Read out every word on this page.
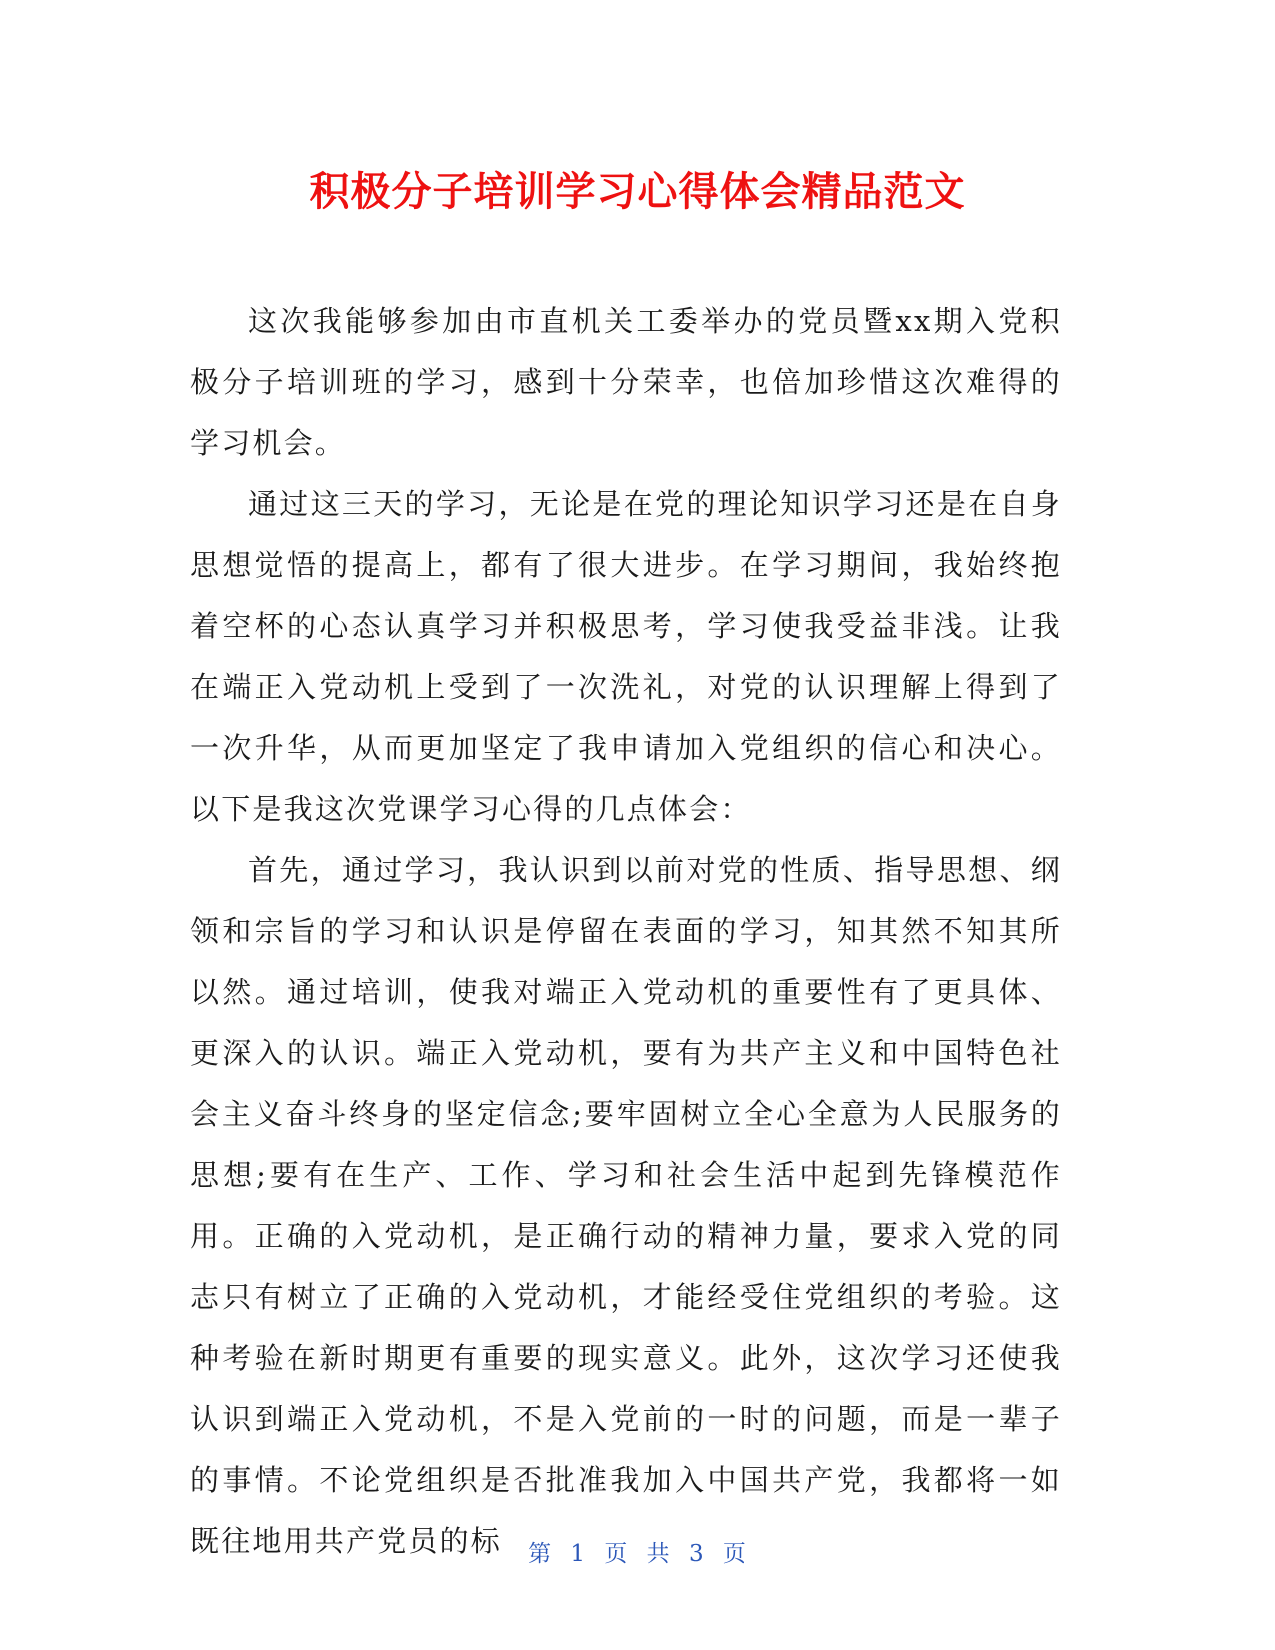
积极分子培训学习心得体会精品范文

这次我能够参加由市直机关工委举办的党员暨xx期入党积极分子培训班的学习，感到十分荣幸，也倍加珍惜这次难得的学习机会。

通过这三天的学习，无论是在党的理论知识学习还是在自身思想觉悟的提高上，都有了很大进步。在学习期间，我始终抱着空杯的心态认真学习并积极思考，学习使我受益非浅。让我在端正入党动机上受到了一次洗礼，对党的认识理解上得到了一次升华，从而更加坚定了我申请加入党组织的信心和决心。以下是我这次党课学习心得的几点体会：

首先，通过学习，我认识到以前对党的性质、指导思想、纲领和宗旨的学习和认识是停留在表面的学习，知其然不知其所以然。通过培训，使我对端正入党动机的重要性有了更具体、更深入的认识。端正入党动机，要有为共产主义和中国特色社会主义奋斗终身的坚定信念;要牢固树立全心全意为人民服务的思想;要有在生产、工作、学习和社会生活中起到先锋模范作用。正确的入党动机，是正确行动的精神力量，要求入党的同志只有树立了正确的入党动机，才能经受住党组织的考验。这种考验在新时期更有重要的现实意义。此外，这次学习还使我认识到端正入党动机，不是入党前的一时的问题，而是一辈子的事情。不论党组织是否批准我加入中国共产党，我都将一如既往地用共产党员的标	第 1 页 共 3 页
